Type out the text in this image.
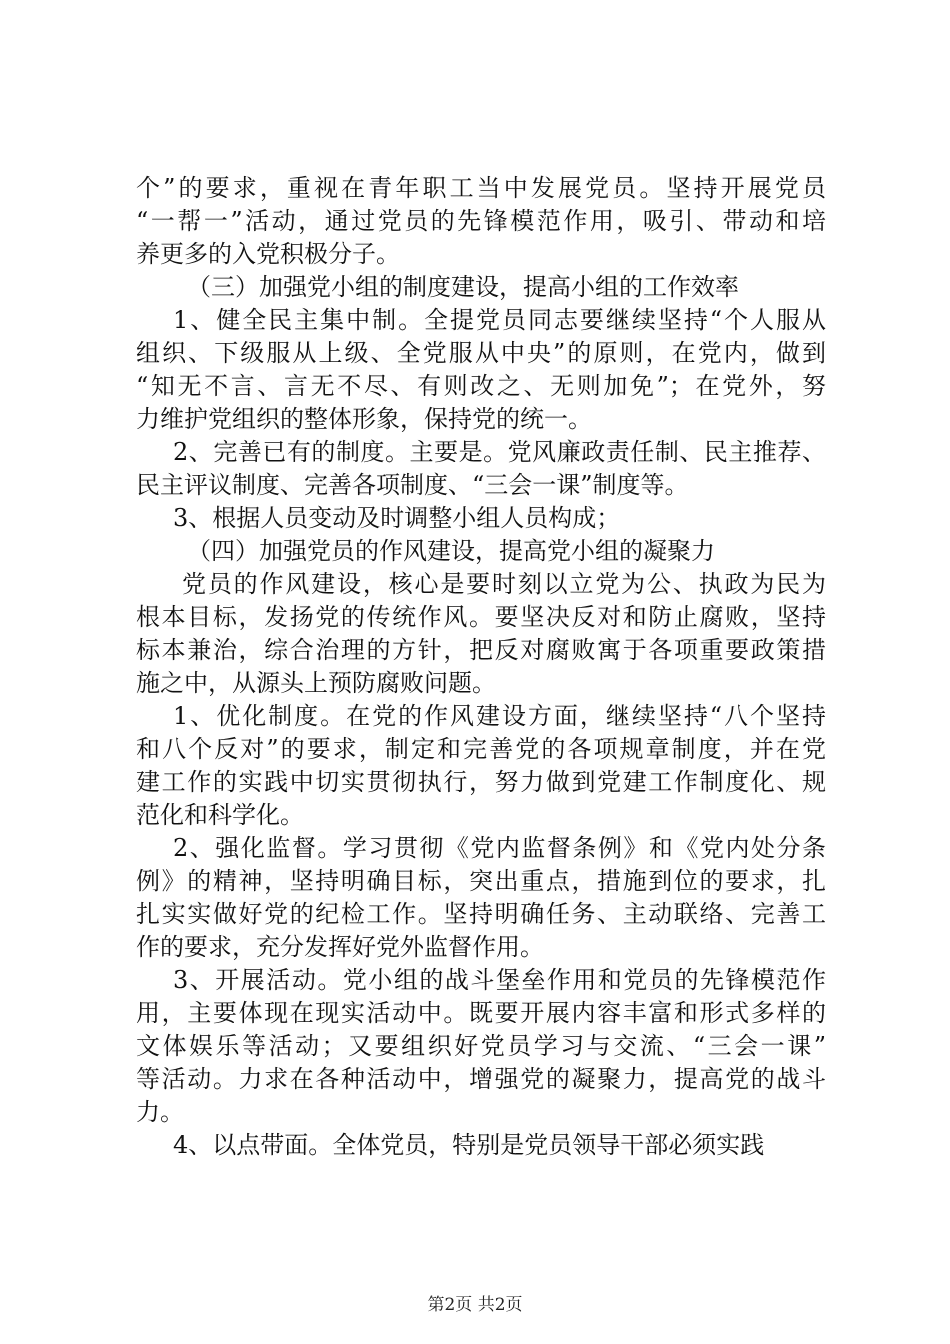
个”的要求，重视在青年职工当中发展党员。坚持开展党员
“一帮一”活动，通过党员的先锋模范作用，吸引、带动和培
养更多的入党积极分子。
（三）加强党小组的制度建设，提高小组的工作效率
1、健全民主集中制。全提党员同志要继续坚持“个人服从
组织、下级服从上级、全党服从中央”的原则，在党内，做到
“知无不言、言无不尽、有则改之、无则加免”；在党外，努
力维护党组织的整体形象，保持党的统一。
2、完善已有的制度。主要是。党风廉政责任制、民主推荐、
民主评议制度、完善各项制度、“三会一课”制度等。
3、根据人员变动及时调整小组人员构成；
（四）加强党员的作风建设，提高党小组的凝聚力
党员的作风建设，核心是要时刻以立党为公、执政为民为
根本目标，发扬党的传统作风。要坚决反对和防止腐败，坚持
标本兼治，综合治理的方针，把反对腐败寓于各项重要政策措
施之中，从源头上预防腐败问题。
1、优化制度。在党的作风建设方面，继续坚持“八个坚持
和八个反对”的要求，制定和完善党的各项规章制度，并在党
建工作的实践中切实贯彻执行，努力做到党建工作制度化、规
范化和科学化。
2、强化监督。学习贯彻《党内监督条例》和《党内处分条
例》的精神，坚持明确目标，突出重点，措施到位的要求，扎
扎实实做好党的纪检工作。坚持明确任务、主动联络、完善工
作的要求，充分发挥好党外监督作用。
3、开展活动。党小组的战斗堡垒作用和党员的先锋模范作
用，主要体现在现实活动中。既要开展内容丰富和形式多样的
文体娱乐等活动；又要组织好党员学习与交流、“三会一课”
等活动。力求在各种活动中，增强党的凝聚力，提高党的战斗
力。
4、以点带面。全体党员，特别是党员领导干部必须实践
第2页 共2页
